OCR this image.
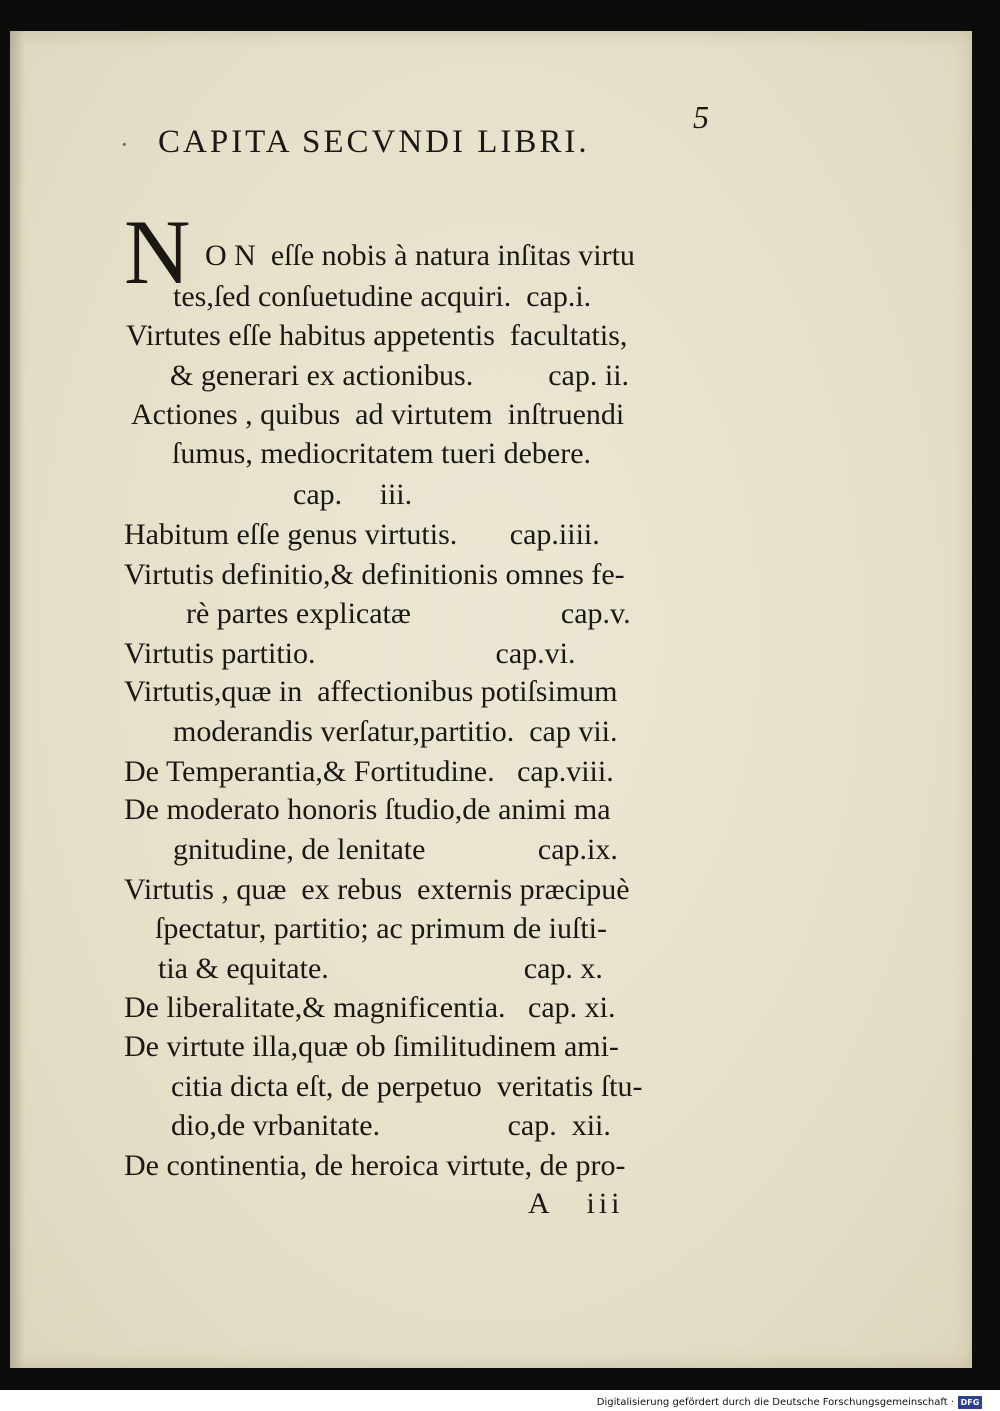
· CAPITA SECVNDI LIBRI.
5
N O N  eſſe nobis à natura inſitas virtu
tes,ſed conſuetudine acquiri.  cap.i.
Virtutes eſſe habitus appetentis  facultatis,
& generari ex actionibus.          cap. ii.
Actiones , quibus  ad virtutem  inſtruendi
ſumus, mediocritatem tueri debere.
cap.     iii.
Habitum eſſe genus virtutis.       cap.iiii.
Virtutis definitio,& definitionis omnes fe-
rè partes explicatæ                    cap.v.
Virtutis partitio.                        cap.vi.
Virtutis,quæ in  affectionibus potiſsimum
moderandis verſatur,partitio.  cap vii.
De Temperantia,& Fortitudine.   cap.viii.
De moderato honoris ſtudio,de animi ma
gnitudine, de lenitate               cap.ix.
Virtutis , quæ  ex rebus  externis præcipuè
ſpectatur, partitio; ac primum de iuſti-
tia & equitate.                          cap. x.
De liberalitate,& magnificentia.   cap. xi.
De virtute illa,quæ ob ſimilitudinem ami-
citia dicta eſt, de perpetuo  veritatis ſtu-
dio,de vrbanitate.                 cap.  xii.
De continentia, de heroica virtute, de pro-
A   iii
Digitalisierung gefördert durch die Deutsche Forschungsgemeinschaft · DFG
